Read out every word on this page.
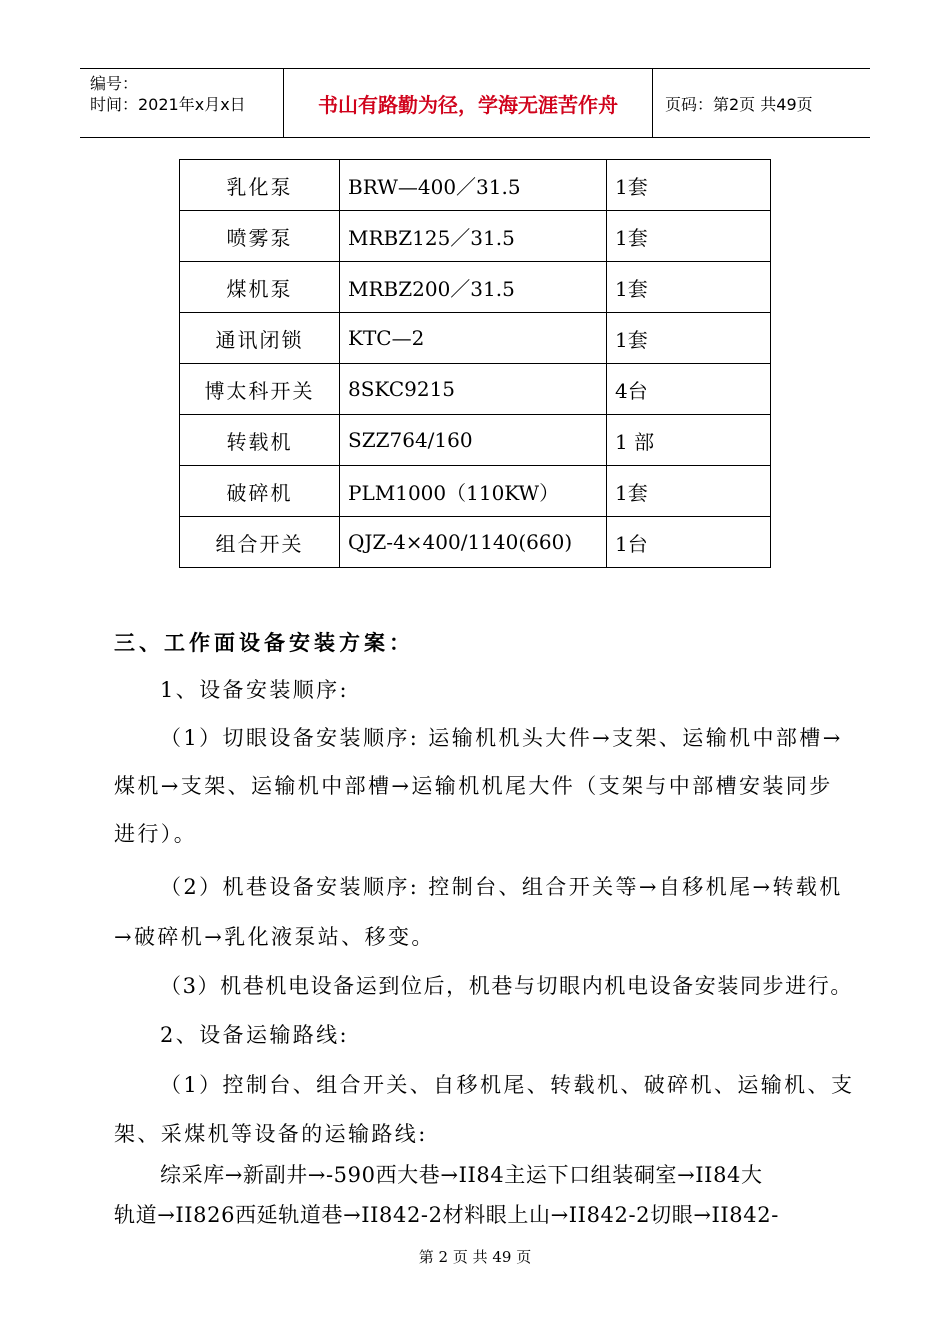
编号：
时间：2021年x月x日	书山有路勤为径，学海无涯苦作舟	页码：第2页 共49页
乳化泵	BRW—400／31.5	1套
喷雾泵	MRBZ125／31.5	1套
煤机泵	MRBZ200／31.5	1套
通讯闭锁	KTC—2	1套
博太科开关	8SKC9215	4台
转载机	SZZ764/160	1 部
破碎机	PLM1000（110KW）	1套
组合开关	QJZ-4×400/1140(660)	1台
三、工作面设备安装方案：
1、设备安装顺序:
（1）切眼设备安装顺序: 运输机机头大件→支架、运输机中部槽→
煤机→支架、运输机中部槽→运输机机尾大件（支架与中部槽安装同步
进行）。
（2）机巷设备安装顺序: 控制台、组合开关等→自移机尾→转载机
→破碎机→乳化液泵站、移变。
（3）机巷机电设备运到位后，机巷与切眼内机电设备安装同步进行。
2、设备运输路线:
（1）控制台、组合开关、自移机尾、转载机、破碎机、运输机、支
架、采煤机等设备的运输路线:
综采库→新副井→-590西大巷→II84主运下口组装硐室→II84大
轨道→II826西延轨道巷→II842-2材料眼上山→II842-2切眼→II842-
第 2 页 共 49 页
